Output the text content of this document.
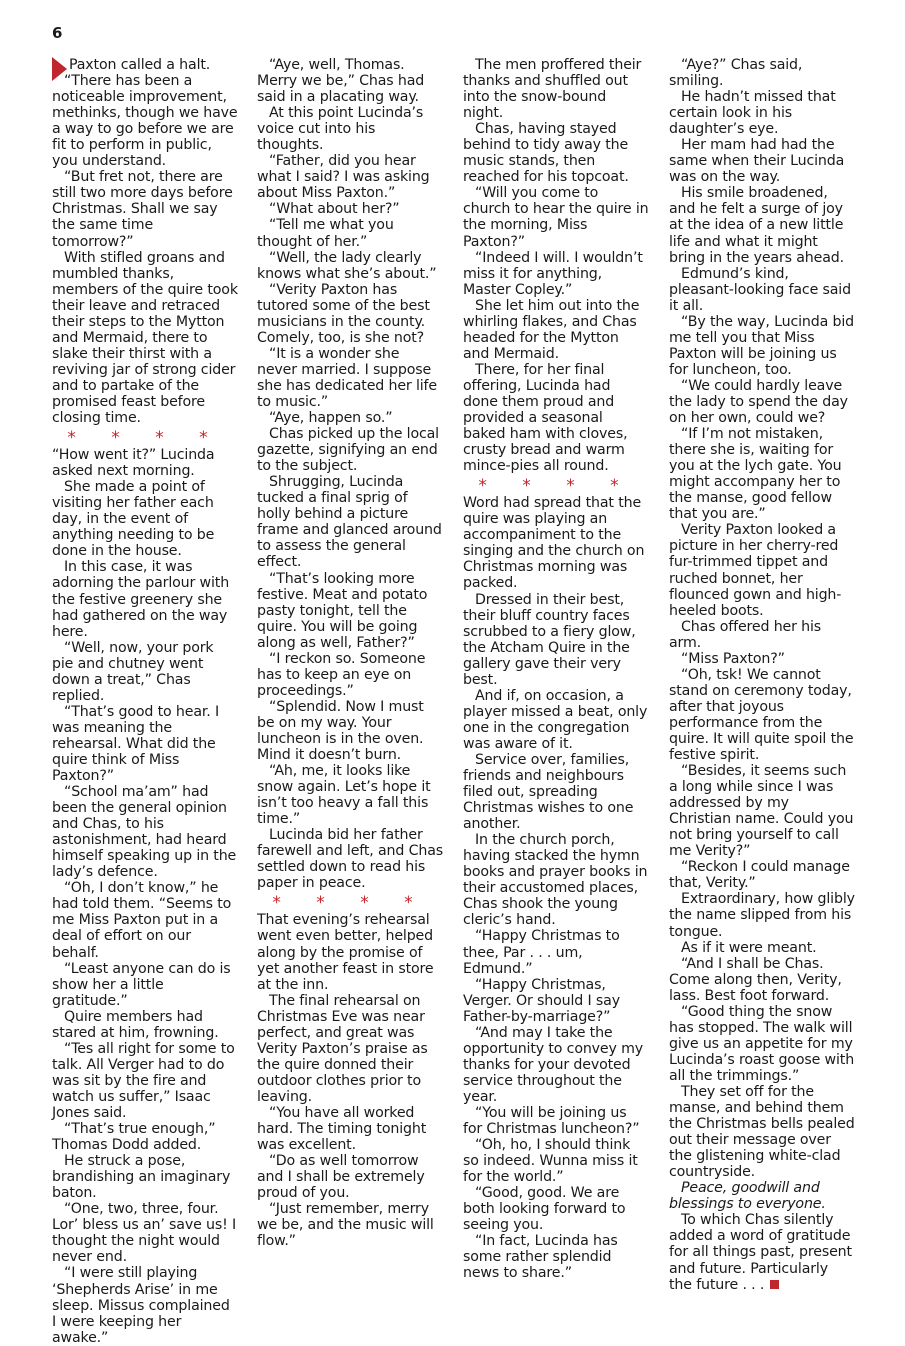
6

Paxton called a halt.

“There has been a noticeable improvement, methinks, though we have a way to go before we are fit to perform in public, you understand.

“But fret not, there are still two more days before Christmas. Shall we say the same time tomorrow?”

With stifled groans and mumbled thanks, members of the quire took their leave and retraced their steps to the Mytton and Mermaid, there to slake their thirst with a reviving jar of strong cider and to partake of the promised feast before closing time.

* * * *

“How went it?” Lucinda asked next morning.

She made a point of visiting her father each day, in the event of anything needing to be done in the house.

In this case, it was adorning the parlour with the festive greenery she had gathered on the way here.

“Well, now, your pork pie and chutney went down a treat,” Chas replied.

“That’s good to hear. I was meaning the rehearsal. What did the quire think of Miss Paxton?”

“School ma’am” had been the general opinion and Chas, to his astonishment, had heard himself speaking up in the lady’s defence.

“Oh, I don’t know,” he had told them. “Seems to me Miss Paxton put in a deal of effort on our behalf.

“Least anyone can do is show her a little gratitude.”

Quire members had stared at him, frowning.

“Tes all right for some to talk. All Verger had to do was sit by the fire and watch us suffer,” Isaac Jones said.

“That’s true enough,” Thomas Dodd added.

He struck a pose, brandishing an imaginary baton.

“One, two, three, four. Lor’ bless us an’ save us! I thought the night would never end.

“I were still playing ‘Shepherds Arise’ in me sleep. Missus complained I were keeping her awake.”

“Aye, well, Thomas. Merry we be,” Chas had said in a placating way.

At this point Lucinda’s voice cut into his thoughts.

“Father, did you hear what I said? I was asking about Miss Paxton.”

“What about her?”

“Tell me what you thought of her.”

“Well, the lady clearly knows what she’s about.”

“Verity Paxton has tutored some of the best musicians in the county. Comely, too, is she not?

“It is a wonder she never married. I suppose she has dedicated her life to music.”

“Aye, happen so.”

Chas picked up the local gazette, signifying an end to the subject.

Shrugging, Lucinda tucked a final sprig of holly behind a picture frame and glanced around to assess the general effect.

“That’s looking more festive. Meat and potato pasty tonight, tell the quire. You will be going along as well, Father?”

“I reckon so. Someone has to keep an eye on proceedings.”

“Splendid. Now I must be on my way. Your luncheon is in the oven. Mind it doesn’t burn.

“Ah, me, it looks like snow again. Let’s hope it isn’t too heavy a fall this time.”

Lucinda bid her father farewell and left, and Chas settled down to read his paper in peace.

* * * *

That evening’s rehearsal went even better, helped along by the promise of yet another feast in store at the inn.

The final rehearsal on Christmas Eve was near perfect, and great was Verity Paxton’s praise as the quire donned their outdoor clothes prior to leaving.

“You have all worked hard. The timing tonight was excellent.

“Do as well tomorrow and I shall be extremely proud of you.

“Just remember, merry we be, and the music will flow.”

The men proffered their thanks and shuffled out into the snow-bound night.

Chas, having stayed behind to tidy away the music stands, then reached for his topcoat.

“Will you come to church to hear the quire in the morning, Miss Paxton?”

“Indeed I will. I wouldn’t miss it for anything, Master Copley.”

She let him out into the whirling flakes, and Chas headed for the Mytton and Mermaid.

There, for her final offering, Lucinda had done them proud and provided a seasonal baked ham with cloves, crusty bread and warm mince-pies all round.

* * * *

Word had spread that the quire was playing an accompaniment to the singing and the church on Christmas morning was packed.

Dressed in their best, their bluff country faces scrubbed to a fiery glow, the Atcham Quire in the gallery gave their very best.

And if, on occasion, a player missed a beat, only one in the congregation was aware of it.

Service over, families, friends and neighbours filed out, spreading Christmas wishes to one another.

In the church porch, having stacked the hymn books and prayer books in their accustomed places, Chas shook the young cleric’s hand.

“Happy Christmas to thee, Par . . . um, Edmund.”

“Happy Christmas, Verger. Or should I say Father-by-marriage?”

“And may I take the opportunity to convey my thanks for your devoted service throughout the year.

“You will be joining us for Christmas luncheon?”

“Oh, ho, I should think so indeed. Wunna miss it for the world.”

“Good, good. We are both looking forward to seeing you.

“In fact, Lucinda has some rather splendid news to share.”

“Aye?” Chas said, smiling.

He hadn’t missed that certain look in his daughter’s eye.

Her mam had had the same when their Lucinda was on the way.

His smile broadened, and he felt a surge of joy at the idea of a new little life and what it might bring in the years ahead.

Edmund’s kind, pleasant-looking face said it all.

“By the way, Lucinda bid me tell you that Miss Paxton will be joining us for luncheon, too.

“We could hardly leave the lady to spend the day on her own, could we?

“If I’m not mistaken, there she is, waiting for you at the lych gate. You might accompany her to the manse, good fellow that you are.”

Verity Paxton looked a picture in her cherry-red fur-trimmed tippet and ruched bonnet, her flounced gown and high-heeled boots.

Chas offered her his arm.

“Miss Paxton?”

“Oh, tsk! We cannot stand on ceremony today, after that joyous performance from the quire. It will quite spoil the festive spirit.

“Besides, it seems such a long while since I was addressed by my Christian name. Could you not bring yourself to call me Verity?”

“Reckon I could manage that, Verity.”

Extraordinary, how glibly the name slipped from his tongue.

As if it were meant.

“And I shall be Chas. Come along then, Verity, lass. Best foot forward.

“Good thing the snow has stopped. The walk will give us an appetite for my Lucinda’s roast goose with all the trimmings.”

They set off for the manse, and behind them the Christmas bells pealed out their message over the glistening white-clad countryside.

Peace, goodwill and blessings to everyone.

To which Chas silently added a word of gratitude for all things past, present and future. Particularly the future . . .
